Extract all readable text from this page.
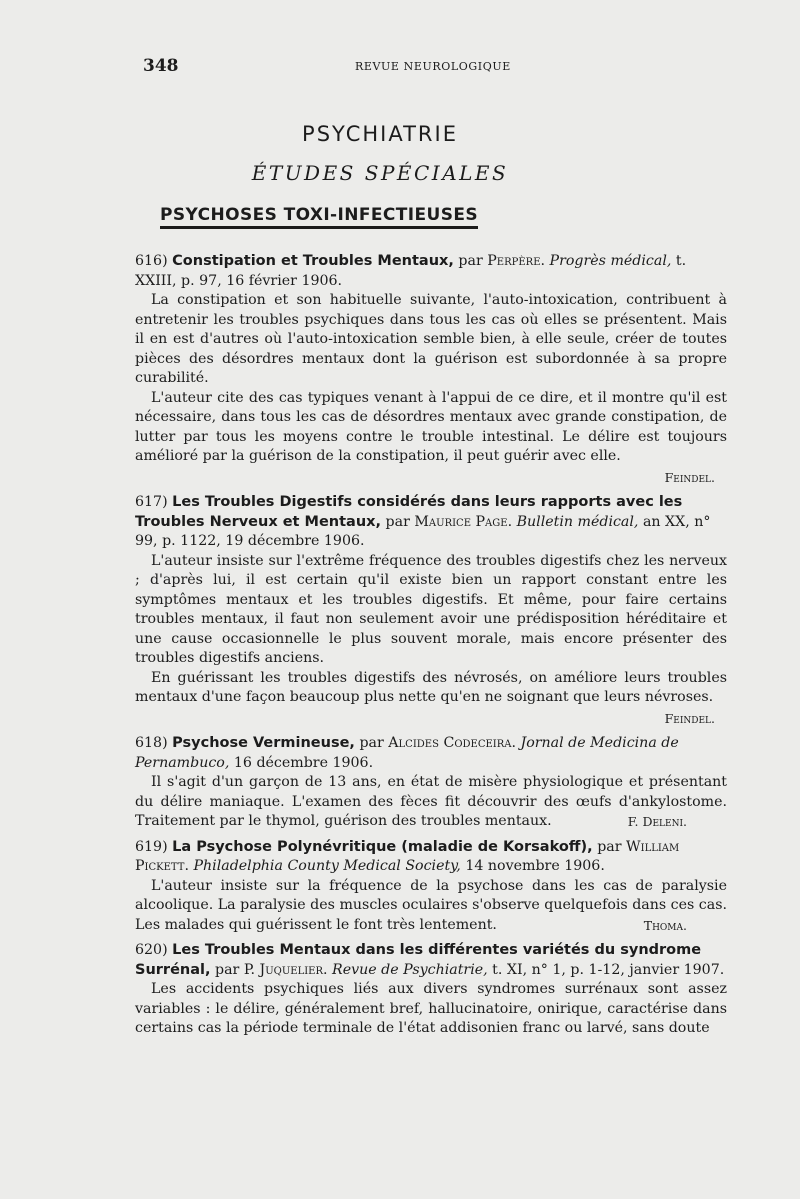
348	REVUE NEUROLOGIQUE
PSYCHIATRIE
ÉTUDES SPÉCIALES
PSYCHOSES TOXI-INFECTIEUSES
616) Constipation et Troubles Mentaux, par Perpère. Progrès médical, t. XXIII, p. 97, 16 février 1906.

La constipation et son habituelle suivante, l'auto-intoxication, contribuent à entretenir les troubles psychiques dans tous les cas où elles se présentent. Mais il en est d'autres où l'auto-intoxication semble bien, à elle seule, créer de toutes pièces des désordres mentaux dont la guérison est subordonnée à sa propre curabilité.

L'auteur cite des cas typiques venant à l'appui de ce dire, et il montre qu'il est nécessaire, dans tous les cas de désordres mentaux avec grande constipation, de lutter par tous les moyens contre le trouble intestinal. Le délire est toujours amélioré par la guérison de la constipation, il peut guérir avec elle.

Feindel.
617) Les Troubles Digestifs considérés dans leurs rapports avec les Troubles Nerveux et Mentaux, par Maurice Page. Bulletin médical, an XX, n° 99, p. 1122, 19 décembre 1906.

L'auteur insiste sur l'extrême fréquence des troubles digestifs chez les nerveux ; d'après lui, il est certain qu'il existe bien un rapport constant entre les symptômes mentaux et les troubles digestifs. Et même, pour faire certains troubles mentaux, il faut non seulement avoir une prédisposition héréditaire et une cause occasionnelle le plus souvent morale, mais encore présenter des troubles digestifs anciens.

En guérissant les troubles digestifs des névrosés, on améliore leurs troubles mentaux d'une façon beaucoup plus nette qu'en ne soignant que leurs névroses.

Feindel.
618) Psychose Vermineuse, par Alcides Codeceira. Jornal de Medicina de Pernambuco, 16 décembre 1906.

Il s'agit d'un garçon de 13 ans, en état de misère physiologique et présentant du délire maniaque. L'examen des fèces fit découvrir des œufs d'ankylostome. Traitement par le thymol, guérison des troubles mentaux.	F. Deleni.

619) La Psychose Polynévritique (maladie de Korsakoff), par William Pickett. Philadelphia County Medical Society, 14 novembre 1906.

L'auteur insiste sur la fréquence de la psychose dans les cas de paralysie alcoolique. La paralysie des muscles oculaires s'observe quelquefois dans ces cas. Les malades qui guérissent le font très lentement.	Thoma.

620) Les Troubles Mentaux dans les différentes variétés du syndrome Surrénal, par P. Juquelier. Revue de Psychiatrie, t. XI, n° 1, p. 1-12, janvier 1907.

Les accidents psychiques liés aux divers syndromes surrénaux sont assez variables : le délire, généralement bref, hallucinatoire, onirique, caractérise dans certains cas la période terminale de l'état addisonien franc ou larvé, sans doute
